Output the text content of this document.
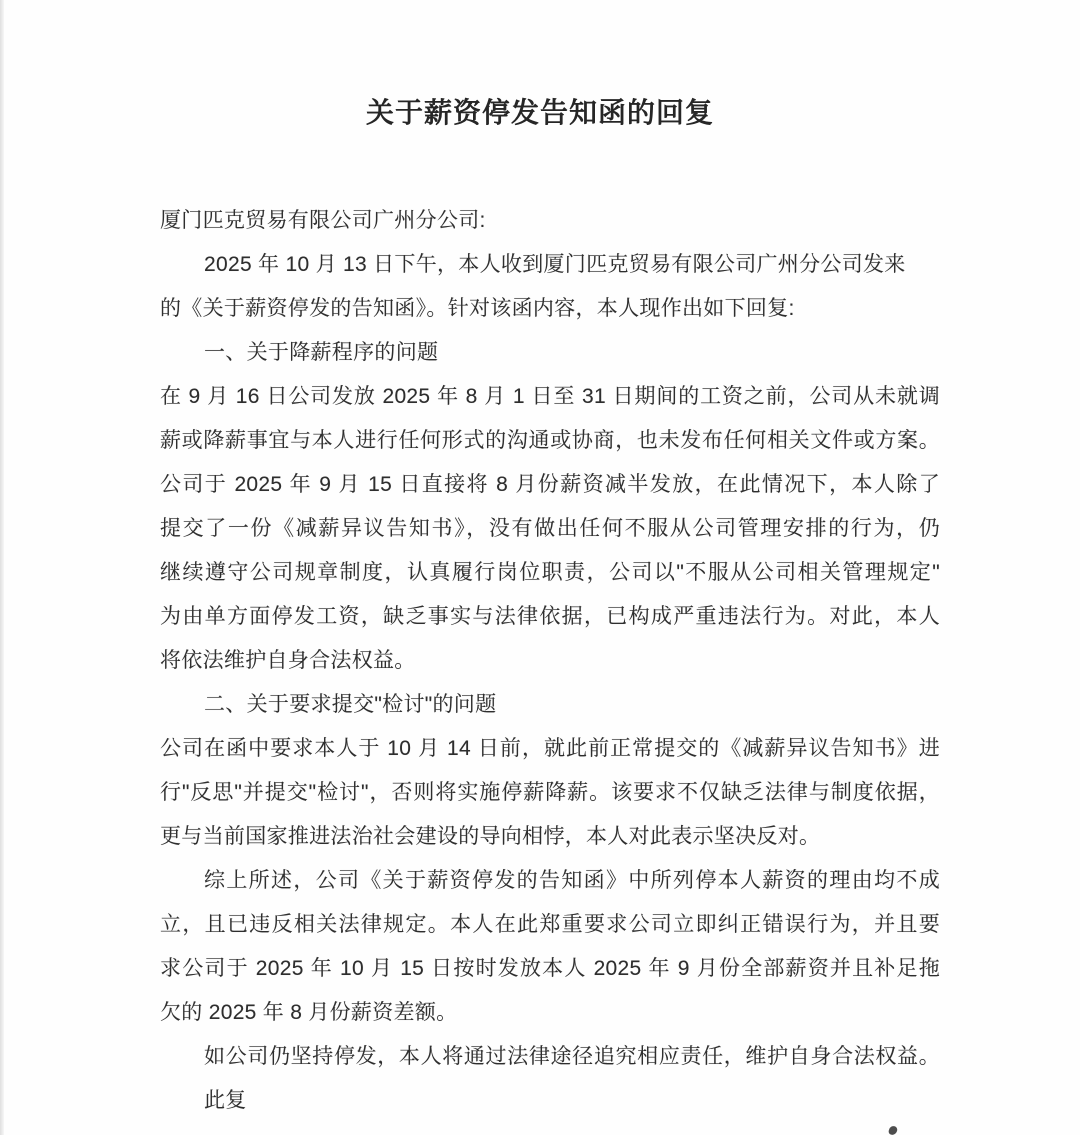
关于薪资停发告知函的回复
厦门匹克贸易有限公司广州分公司:
2025 年 10 月 13 日下午，本人收到厦门匹克贸易有限公司广州分公司发来
的《关于薪资停发的告知函》。针对该函内容，本人现作出如下回复:
一、关于降薪程序的问题
在 9 月 16 日公司发放 2025 年 8 月 1 日至 31 日期间的工资之前，公司从未就调
薪或降薪事宜与本人进行任何形式的沟通或协商，也未发布任何相关文件或方案。
公司于 2025 年 9 月 15 日直接将 8 月份薪资减半发放，在此情况下，本人除了
提交了一份《减薪异议告知书》，没有做出任何不服从公司管理安排的行为，仍
继续遵守公司规章制度，认真履行岗位职责，公司以"不服从公司相关管理规定"
为由单方面停发工资，缺乏事实与法律依据，已构成严重违法行为。对此，本人
将依法维护自身合法权益。
二、关于要求提交"检讨"的问题
公司在函中要求本人于 10 月 14 日前，就此前正常提交的《减薪异议告知书》进
行"反思"并提交"检讨"，否则将实施停薪降薪。该要求不仅缺乏法律与制度依据，
更与当前国家推进法治社会建设的导向相悖，本人对此表示坚决反对。
综上所述，公司《关于薪资停发的告知函》中所列停本人薪资的理由均不成
立，且已违反相关法律规定。本人在此郑重要求公司立即纠正错误行为，并且要
求公司于 2025 年 10 月 15 日按时发放本人 2025 年 9 月份全部薪资并且补足拖
欠的 2025 年 8 月份薪资差额。
如公司仍坚持停发，本人将通过法律途径追究相应责任，维护自身合法权益。
此复
